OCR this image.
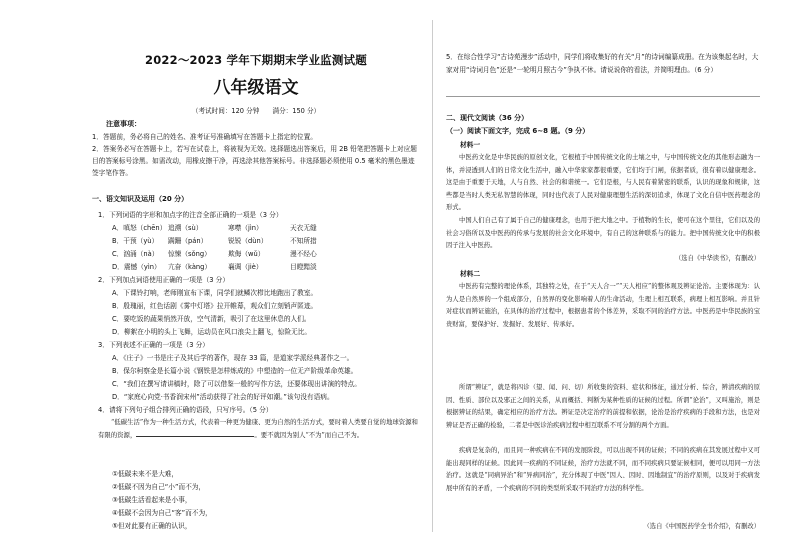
2022～2023 学年下期期末学业监测试题
八年级语文
（考试时间：120 分钟　　满分：150 分）
注意事项：

1．答题前，务必将自己的姓名、准考证号准确填写在答题卡上指定的位置。

2．答案务必写在答题卡上，若写在试卷上，将被视为无效。选择题选出答案后，用 2B 铅笔把答题卡上对应题目的答案标号涂黑。如需改动，用橡皮擦干净，再选涂其他答案标号。非选择题必须使用 0.5 毫米的黑色墨迹签字笔作答。

一、语文知识及运用（20 分）
1．下列词语的字形和加点字的注音全部正确的一项是（3 分）
A．嗔怒（chēn） 追溯（sù）	寒噤（jìn）	天衣无缝
B．干预（yù） 蹒跚（pán）	锐锐（dùn）	不知所措
C．汹涌（nà） 惊悚（sǒng）	欺侮（wǔ）	漫不经心
D．震憾（yìn） 亢奋（kàng）	襄调（jiè）	目瞪黯淡
2．下列加点词语使用正确的一项是（3 分）
A．下课铃打响，老师刚宣布下课，同学们就鳞次栉比地跑出了教室。
B．殷瑰丽，红色话剧《雾中灯塔》拉开帷幕，观众们立刻销声匿迹。
C．要吃饭的蔬果悄然开放，空气清新，吸引了在这里休息的人们。
D．柳絮在小明的头上飞舞，运动员在风口浪尖上翻飞，惊险无比。
3．下列表述不正确的一项是（3 分）
A．《庄子》一书是庄子及其后学的著作，现存 33 篇，是道家学派经典著作之一。
B．保尔柯察金是长篇小说《钢铁是怎样炼成的》中塑造的一位无产阶级革命英雄。
C．“我们在撰写请讲稿时，除了可以借鉴一般的写作方法，还要体现出讲演的特点。
D．“家庭心向党·书香润宋州”活动获得了社会的好评如潮。”该句没有语病。
4．请将下列句子组合排列正确的语段，只写序号。（5 分）

“低碳生活”作为一种生活方式，代表着一种更为健康、更为自然的生活方式，要时着人类要自觉的地球资源和有限的资源，	。要不就因为别人“不为”而自己不为。

①低碳未来不是大难，
②低碳不因为自己“小”而不为，
③低碳生活看起来是小事，
④低碳不会因为自己“客”而不为，
⑤但对此要有正确的认识，

5．在综合性学习“古诗苑漫步”活动中，同学们将收集好的有关“月”的诗词编纂成册。在为该集起名时，大家对用“诗词月色”还是“一轮明月照古今”争执不休。请说说你的看法，并简明理由。（6 分）

二、现代文阅读（36 分）
（一）阅读下面文字，完成 6~8 题。（9 分）
材料一

中医药文化是中华民族的原创文化，它根植于中国传统文化的土壤之中，与中国传统文化的其他形态融为一体，并浸透到人们的日常文化生活中，融入中华家家都很重要，它们均于门闸，依据者质，很有着以健康理念。这是由于重要于天地，人与自然、社会的和谐统一。它们是根，与人民有着紧密的联系，认识的现象和规律，这些都是当时人类无私智慧的体现，同时也代表了人民对健康理想生活的深切追求，体现了文化自信中医药理念的形式。

中国人们自己有了属于自己的健康理念，也用于把大地之中。于植物的生长，使可在这个里往，它们以及的社会习俗所以及中医药的传承与发展的社会文化环境中，有自己的这种联系与的能力。把中国传统文化中的积极因子注入中医药。

（选自《中华读书》，有删改）
材料二

中医药有完整的理论体系，其独特之处，在于“天人合一”“天人相应”的整体观及辨证论治。主要体现为：认为人是自然界的一个组成部分，自然界的变化影响着人的生命活动，生理上相互联系，病理上相互影响。并且针对症状而辨证施治，在具体的治疗过程中，根据患者的个体差异，采取不同的治疗方法。中医药是中华民族的宝贵财富，要保护好、发掘好、发展好、传承好。

所谓“辨证”，就是将四诊（望、闻、问、切）所收集的资料、症状和体征，通过分析、综合，辨清疾病的原因、性质、部位以及邪正之间的关系，从而概括、判断为某种性质的证候的过程。所谓“论治”，又叫施治，则是根据辨证的结果，确定相应的治疗方法。辨证是决定治疗的前提和依据，论治是治疗疾病的手段和方法，也是对辨证是否正确的检验，二者是中医诊治疾病过程中相互联系不可分割的两个方面。

疾病是复杂的，而且同一种疾病在不同的发展阶段，可以出现不同的证候；不同的疾病在其发展过程中又可能出现同样的证候。因此同一疾病的不同证候，治疗方法就不同，而不同疾病只要证候相同，便可以用同一方法治疗。这就是“同病异治”和“异病同治”，充分体现了中医“因人、因时、因地制宜”的治疗原则，以及对于疾病发展中所有的矛盾，一个疾病的不同的类型所采取不同治疗方法的科学性。

（选自《中国医药学全书介绍》，有删改）
